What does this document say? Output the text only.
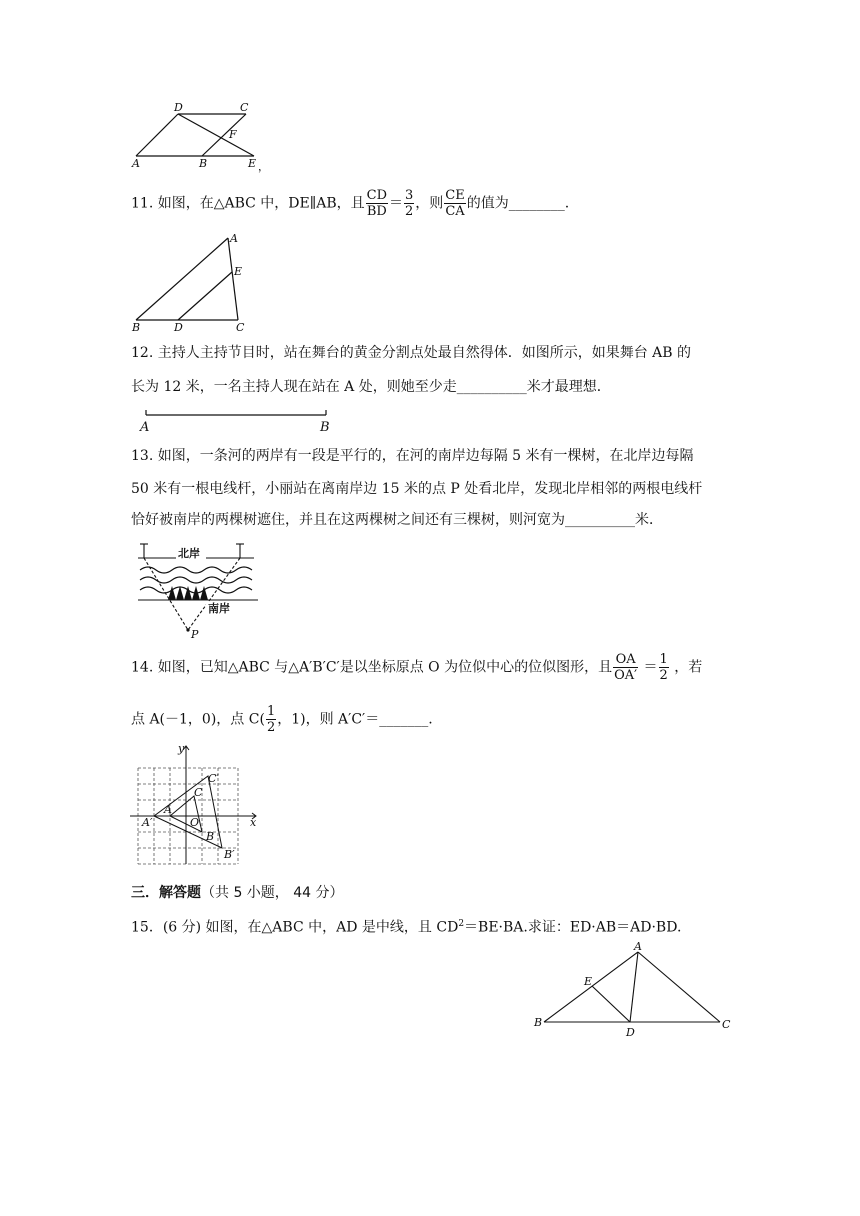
D	C
F
A	B	E ，
11. 如图，在△ABC 中，DE∥AB，且 $\frac{CD}{BD} = \frac{3}{2}$ ，则 $\frac{CE}{CA}$ 的值为________.
A
E
B	D	C
12. 主持人主持节目时，站在舞台的黄金分割点处最自然得体．如图所示，如果舞台 AB 的
长为 12 米，一名主持人现在站在 A 处，则她至少走__________米才最理想．
A	B
13. 如图，一条河的两岸有一段是平行的，在河的南岸边每隔 5 米有一棵树，在北岸边每隔
50 米有一根电线杆，小丽站在离南岸边 15 米的点 P 处看北岸，发现北岸相邻的两根电线杆
恰好被南岸的两棵树遮住，并且在这两棵树之间还有三棵树，则河宽为__________米．
北岸
南岸
P
14. 如图，已知△ABC 与△A′B′C′是以坐标原点 O 为位似中心的位似图形，且 $\frac{OA}{OA'} = \frac{1}{2}$ ，若
点 A(－1，0)，点 $C( \frac{1}{2}$ ，1)，则 A′C′＝_______.
y
x
C′
C
A′
A
O
B
B′
三．解答题（共 5 小题， 44 分）
15．(6 分) 如图，在△ABC 中，AD 是中线，且 $CD^2=BE\cdot BA$.求证：ED·AB＝AD·BD.
A
E
B
D
C
